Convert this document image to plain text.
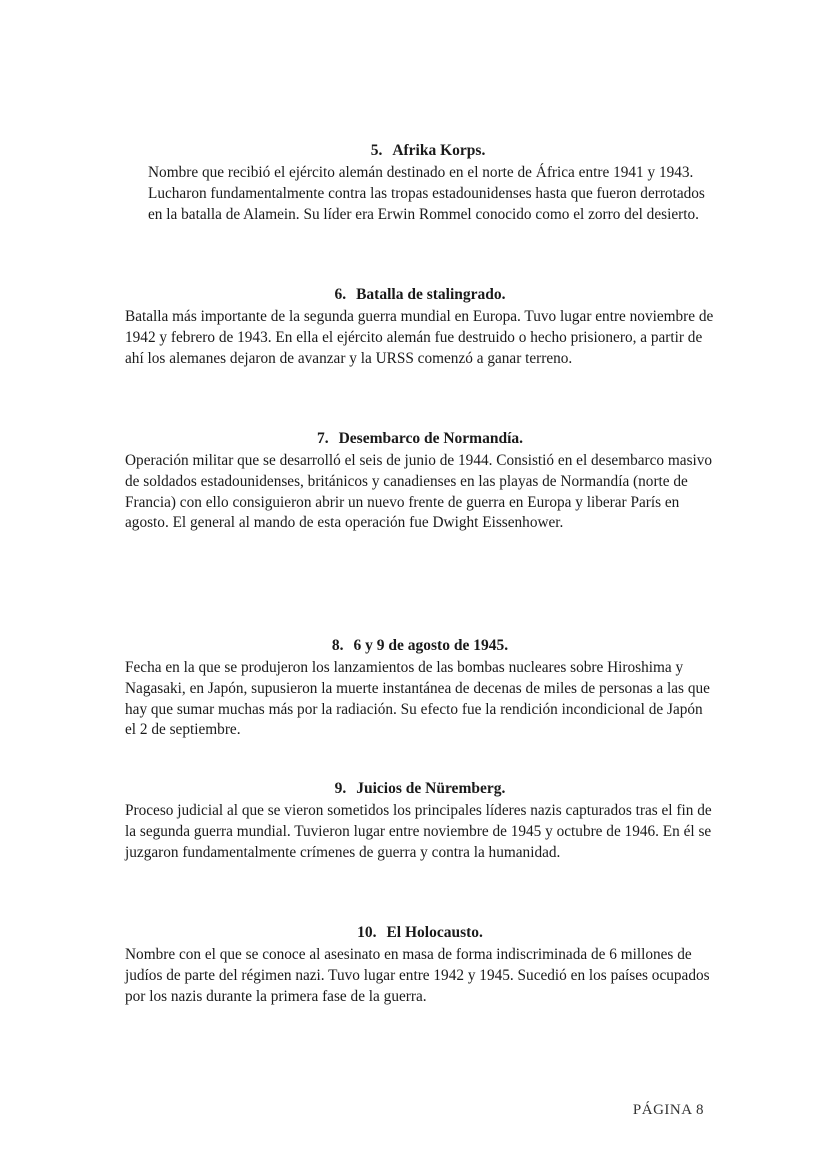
5. Afrika Korps.

Nombre que recibió el ejército alemán destinado en el norte de África entre 1941 y 1943. Lucharon fundamentalmente contra las tropas estadounidenses hasta que fueron derrotados en la batalla de Alamein. Su líder era Erwin Rommel conocido como el zorro del desierto.

6. Batalla de stalingrado.

Batalla más importante de la segunda guerra mundial en Europa. Tuvo lugar entre noviembre de 1942 y febrero de 1943. En ella el ejército alemán fue destruido o hecho prisionero, a partir de ahí los alemanes dejaron de avanzar y la URSS comenzó a ganar terreno.

7. Desembarco de Normandía.

Operación militar que se desarrolló el seis de junio de 1944. Consistió en el desembarco masivo de soldados estadounidenses, británicos y canadienses en las playas de Normandía (norte de Francia) con ello consiguieron abrir un nuevo frente de guerra en Europa y liberar París en agosto. El general al mando de esta operación fue Dwight Eissenhower.

8. 6 y 9 de agosto de 1945.

Fecha en la que se produjeron los lanzamientos de las bombas nucleares sobre Hiroshima y Nagasaki, en Japón, supusieron la muerte instantánea de decenas de miles de personas a las que hay que sumar muchas más por la radiación. Su efecto fue la rendición incondicional de Japón el 2 de septiembre.

9. Juicios de Nüremberg.

Proceso judicial al que se vieron sometidos los principales líderes nazis capturados tras el fin de la segunda guerra mundial. Tuvieron lugar entre noviembre de 1945 y octubre de 1946. En él se juzgaron fundamentalmente crímenes de guerra y contra la humanidad.

10. El Holocausto.

Nombre con el que se conoce al asesinato en masa de forma indiscriminada de 6 millones de judíos de parte del régimen nazi. Tuvo lugar entre 1942 y 1945. Sucedió en los países ocupados por los nazis durante la primera fase de la guerra.

PÁGINA 8
